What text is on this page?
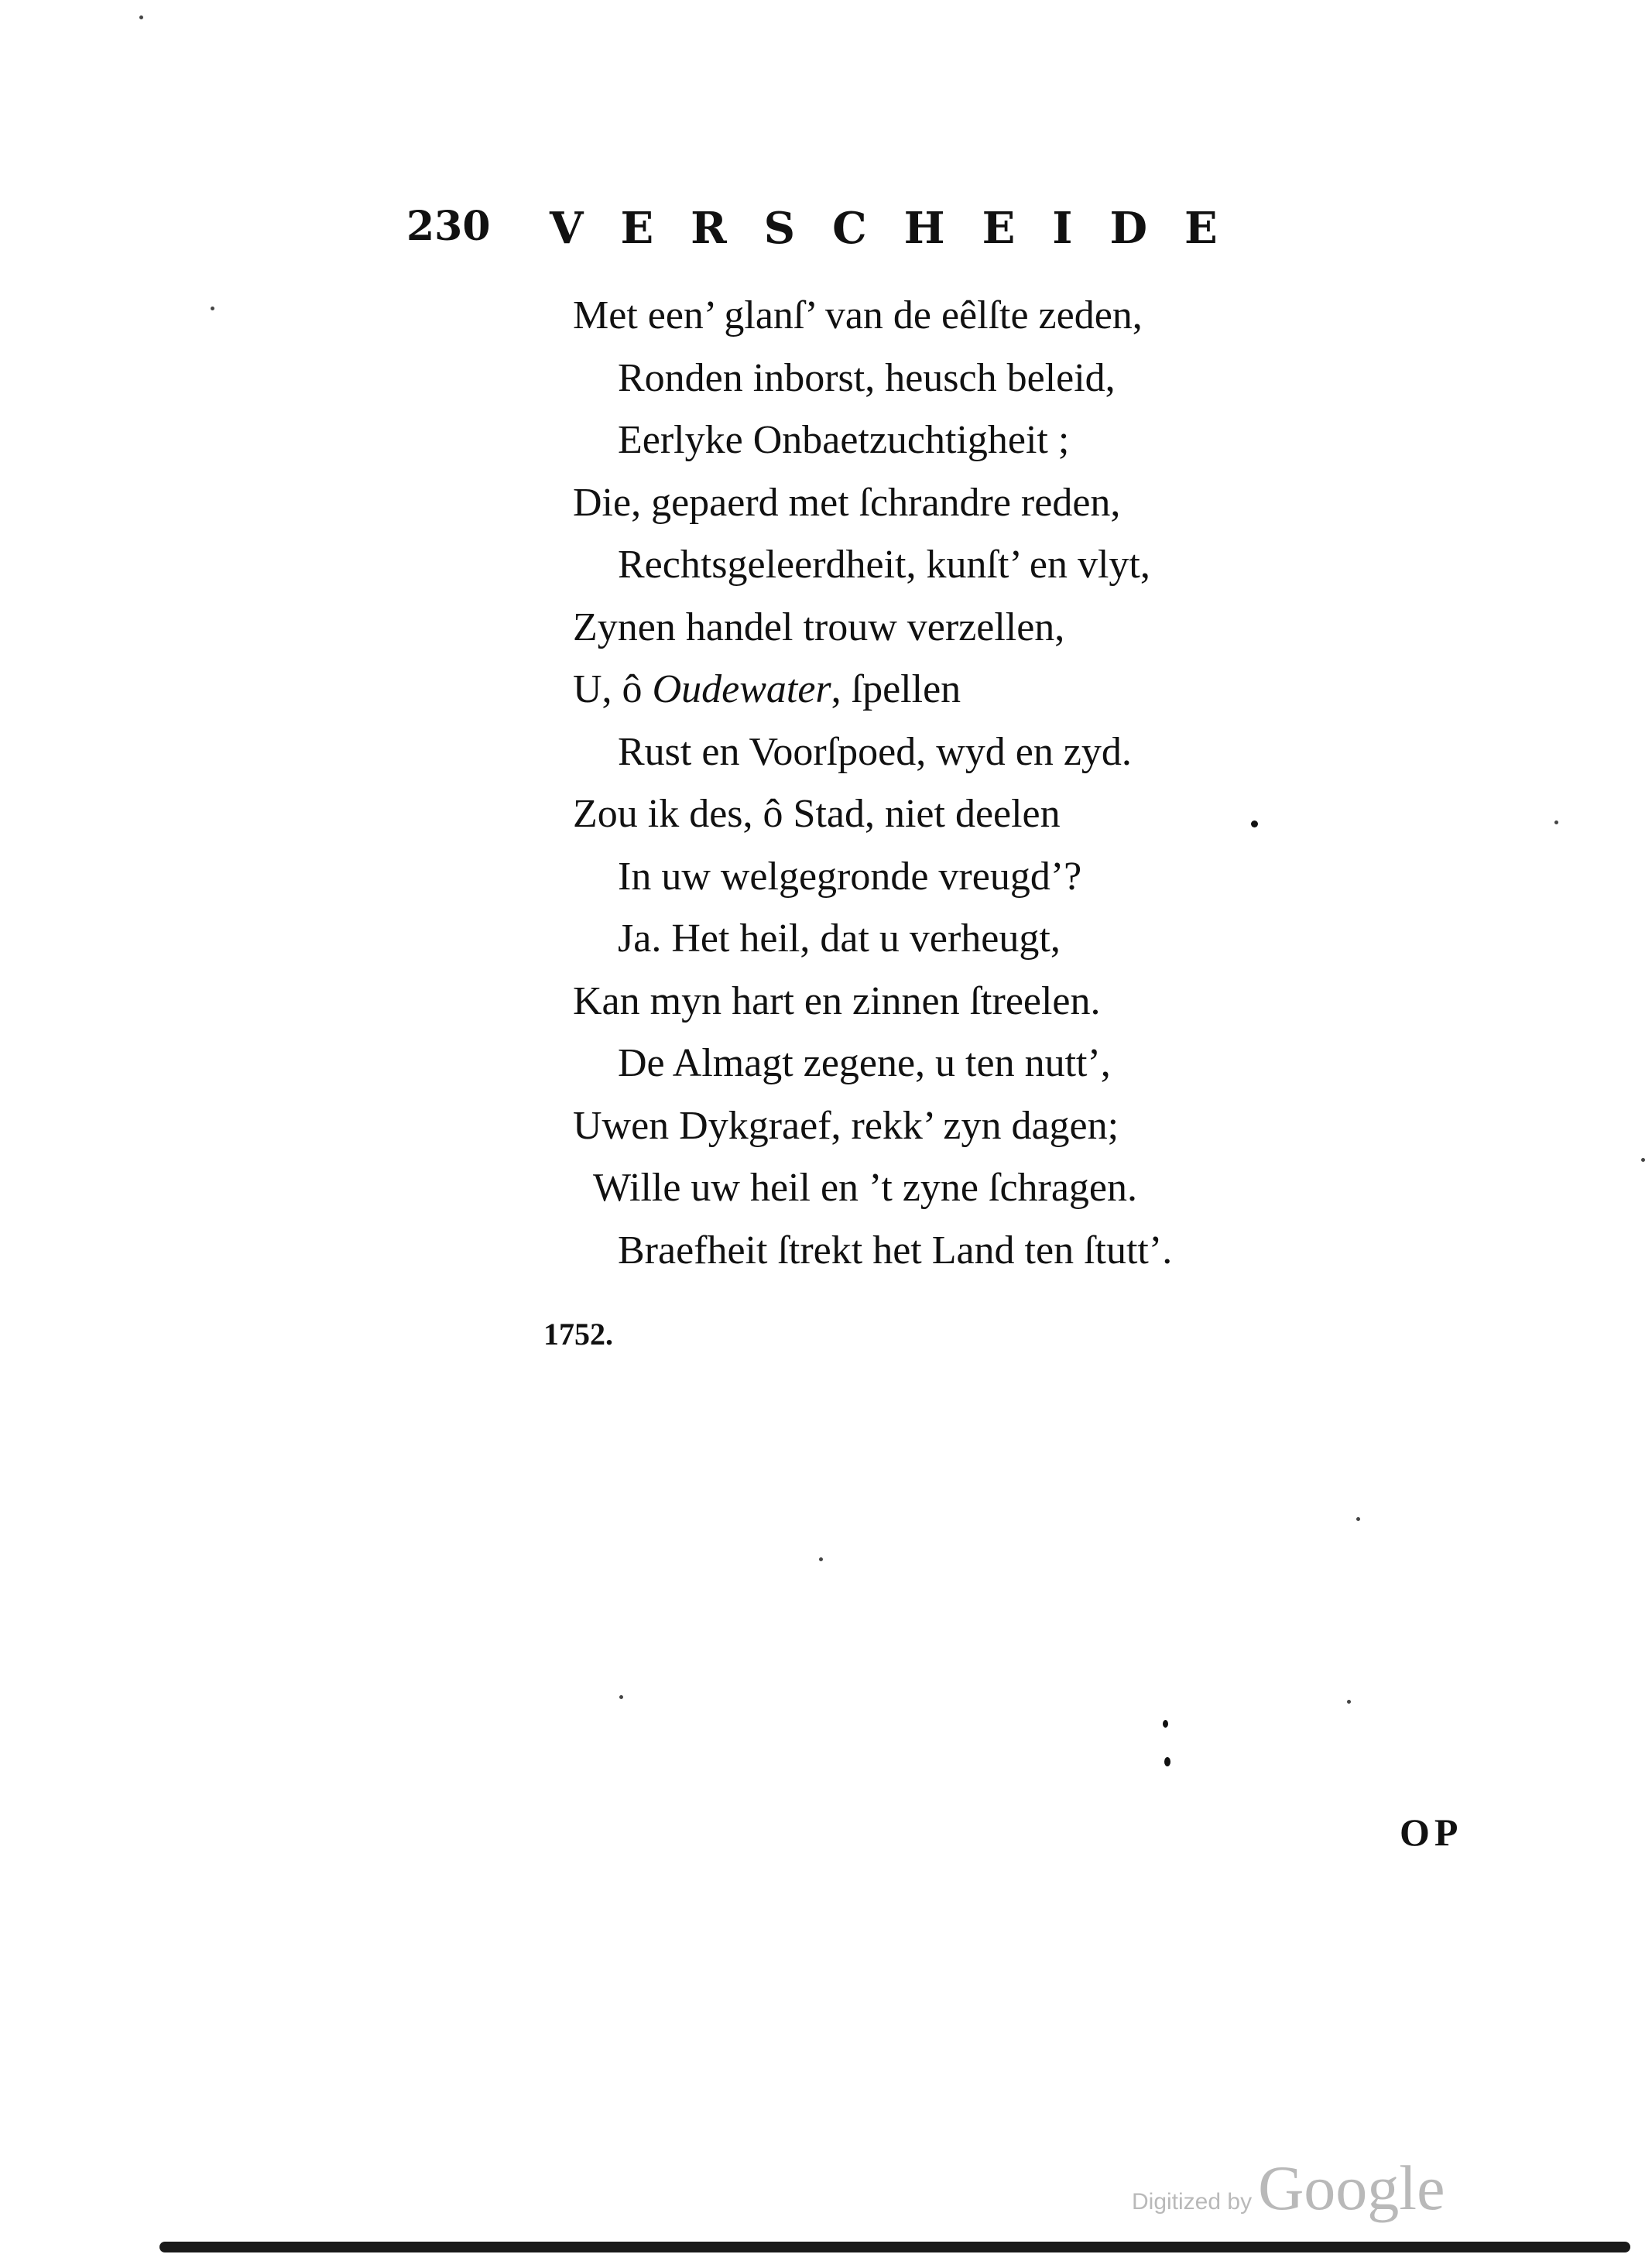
230 VERSCHEIDE
Met een’ glanſ’ van de eêlſte zeden,
Ronden inborst, heusch beleid,
Eerlyke Onbaetzuchtigheit ;
Die, gepaerd met ſchrandre reden,
Rechtsgeleerdheit, kunſt’ en vlyt,
Zynen handel trouw verzellen,
U, ô Oudewater, ſpellen
Rust en Voorſpoed, wyd en zyd.
Zou ik des, ô Stad, niet deelen
In uw welgegronde vreugd’?
Ja. Het heil, dat u verheugt,
Kan myn hart en zinnen ſtreelen.
De Almagt zegene, u ten nutt’,
Uwen Dykgraef, rekk’ zyn dagen;
Wille uw heil en ’t zyne ſchragen.
Braefheit ſtrekt het Land ten ſtutt’.
1752.
OP
Digitized byGoogle
